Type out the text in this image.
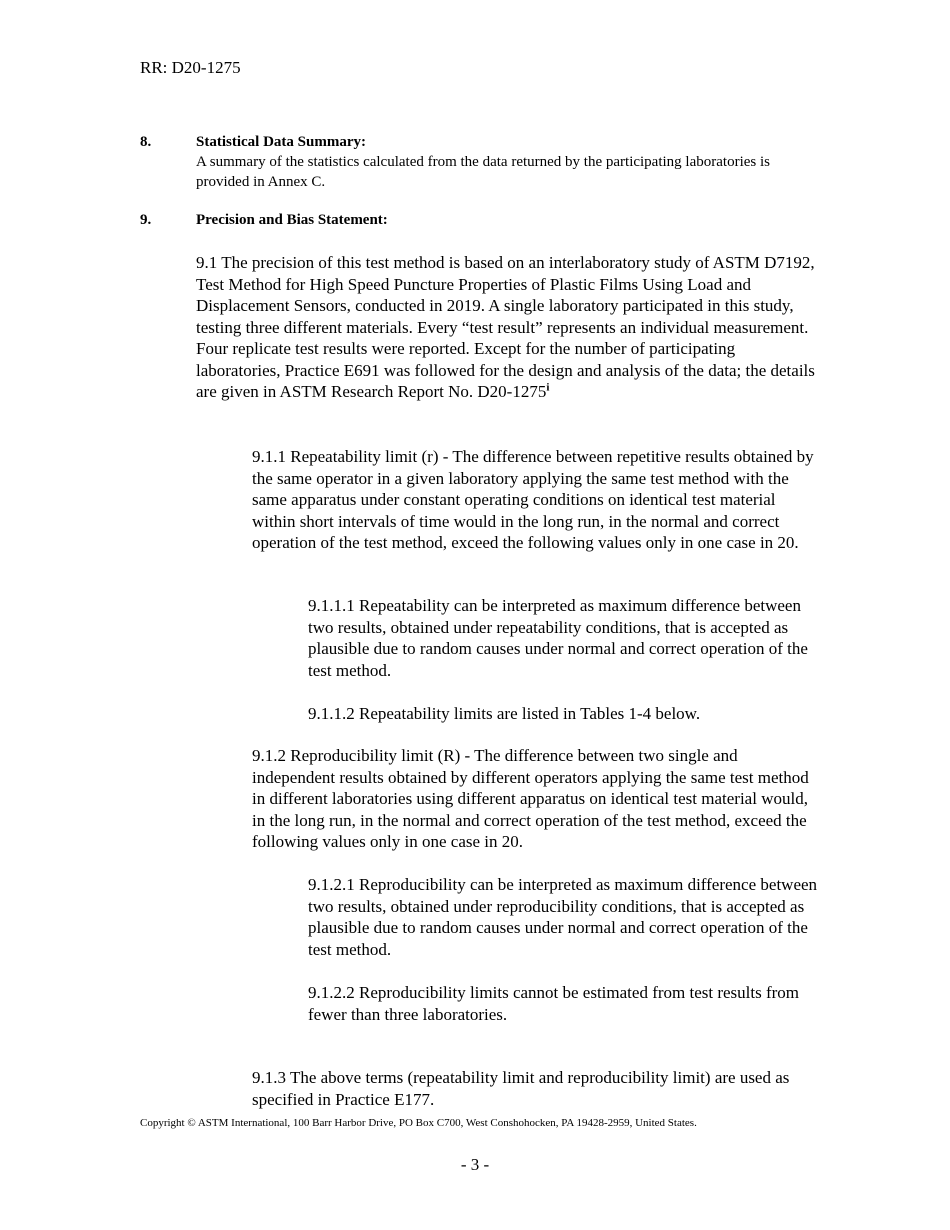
RR: D20-1275
8.	Statistical Data Summary:
A summary of the statistics calculated from the data returned by the participating laboratories is provided in Annex C.
9.	Precision and Bias Statement:
9.1 The precision of this test method is based on an interlaboratory study of ASTM D7192, Test Method for High Speed Puncture Properties of Plastic Films Using Load and Displacement Sensors, conducted in 2019. A single laboratory participated in this study, testing three different materials. Every “test result” represents an individual measurement. Four replicate test results were reported. Except for the number of participating laboratories, Practice E691 was followed for the design and analysis of the data; the details are given in ASTM Research Report No. D20-1275$^i$
9.1.1 Repeatability limit (r) - The difference between repetitive results obtained by the same operator in a given laboratory applying the same test method with the same apparatus under constant operating conditions on identical test material within short intervals of time would in the long run, in the normal and correct operation of the test method, exceed the following values only in one case in 20.
9.1.1.1 Repeatability can be interpreted as maximum difference between two results, obtained under repeatability conditions, that is accepted as plausible due to random causes under normal and correct operation of the test method.
9.1.1.2 Repeatability limits are listed in Tables 1-4 below.
9.1.2 Reproducibility limit (R) - The difference between two single and independent results obtained by different operators applying the same test method in different laboratories using different apparatus on identical test material would, in the long run, in the normal and correct operation of the test method, exceed the following values only in one case in 20.
9.1.2.1 Reproducibility can be interpreted as maximum difference between two results, obtained under reproducibility conditions, that is accepted as plausible due to random causes under normal and correct operation of the test method.
9.1.2.2 Reproducibility limits cannot be estimated from test results from fewer than three laboratories.
9.1.3 The above terms (repeatability limit and reproducibility limit) are used as specified in Practice E177.
Copyright © ASTM International, 100 Barr Harbor Drive, PO Box C700, West Conshohocken, PA 19428-2959, United States.
- 3 -
